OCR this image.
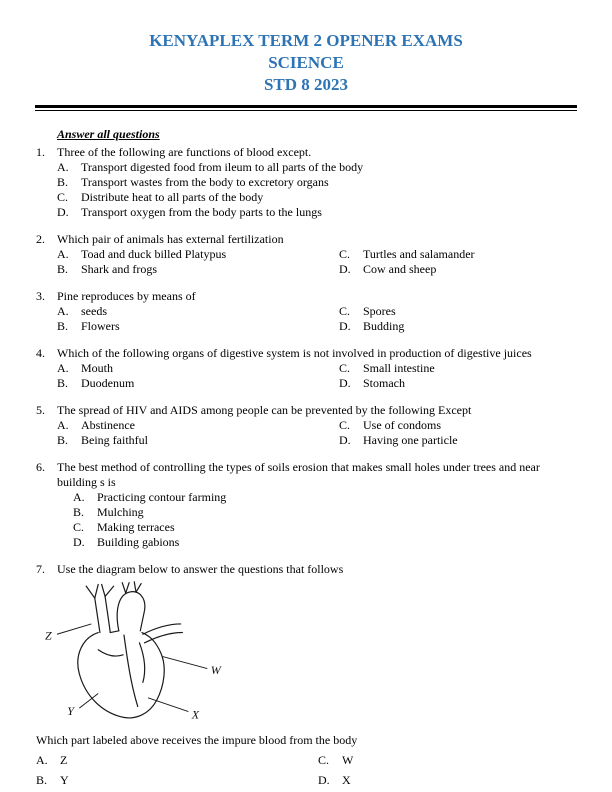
KENYAPLEX TERM 2 OPENER EXAMS
SCIENCE
STD 8 2023
Answer all questions
1.	Three of the following are functions of blood except.
A.	Transport digested food from ileum to all parts of the body
B.	Transport wastes from the body to excretory organs
C.	Distribute heat to all parts of the body
D.	Transport oxygen from the body parts to the lungs
2.	Which pair of animals has external fertilization
A.	Toad and duck billed Platypus	C.	Turtles and salamander
B.	Shark and frogs	D.	Cow and sheep
3.	Pine reproduces by means of
A.	seeds	C.	Spores
B.	Flowers	D.	Budding
4.	Which of the following organs of digestive system is not involved in production of digestive juices
A.	Mouth	C.	Small intestine
B.	Duodenum	D.	Stomach
5.	The spread of HIV and AIDS among people can be prevented by the following Except
A.	Abstinence	C.	Use of condoms
B.	Being faithful	D.	Having one particle
6.	The best method of controlling the types of soils erosion that makes small holes under trees and near building s is
A.	Practicing contour farming
B.	Mulching
C.	Making terraces
D.	Building gabions
7.	Use the diagram below to answer the questions that follows
Z
W
Y	X
Which part labeled above receives the impure blood from the body
A.	Z	C.	W
B.	Y	D.	X
